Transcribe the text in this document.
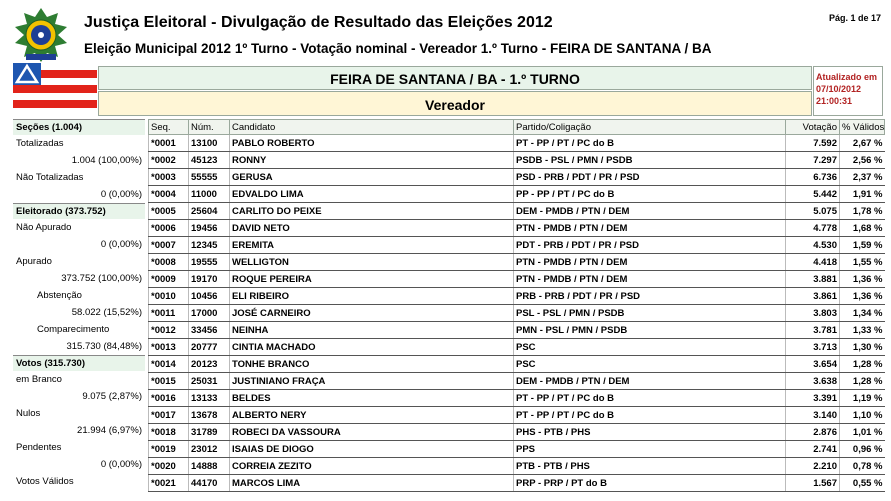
Justiça Eleitoral - Divulgação de Resultado das Eleições 2012
Eleição Municipal 2012 1º Turno - Votação nominal - Vereador 1.º Turno - FEIRA DE SANTANA / BA
Pág. 1 de 17
FEIRA DE SANTANA / BA - 1.º TURNO
Vereador
Atualizado em
07/10/2012
21:00:31
Seções (1.004)
Totalizadas
1.004 (100,00%)
Não Totalizadas
0 (0,00%)
Eleitorado (373.752)
Não Apurado
0 (0,00%)
Apurado
373.752 (100,00%)
Abstenção
58.022 (15,52%)
Comparecimento
315.730 (84,48%)
Votos (315.730)
em Branco
9.075 (2,87%)
Nulos
21.994 (6,97%)
Pendentes
0 (0,00%)
Votos Válidos
Seq.	Núm.	Candidato	Partido/Coligação	Votação	% Válidos
*0001	13100	PABLO ROBERTO	PT - PP / PT / PC do B	7.592	2,67 %
*0002	45123	RONNY	PSDB - PSL / PMN / PSDB	7.297	2,56 %
*0003	55555	GERUSA	PSD - PRB / PDT / PR / PSD	6.736	2,37 %
*0004	11000	EDVALDO LIMA	PP - PP / PT / PC do B	5.442	1,91 %
*0005	25604	CARLITO DO PEIXE	DEM - PMDB / PTN / DEM	5.075	1,78 %
*0006	19456	DAVID NETO	PTN - PMDB / PTN / DEM	4.778	1,68 %
*0007	12345	EREMITA	PDT - PRB / PDT / PR / PSD	4.530	1,59 %
*0008	19555	WELLIGTON	PTN - PMDB / PTN / DEM	4.418	1,55 %
*0009	19170	ROQUE PEREIRA	PTN - PMDB / PTN / DEM	3.881	1,36 %
*0010	10456	ELI RIBEIRO	PRB - PRB / PDT / PR / PSD	3.861	1,36 %
*0011	17000	JOSÉ CARNEIRO	PSL - PSL / PMN / PSDB	3.803	1,34 %
*0012	33456	NEINHA	PMN - PSL / PMN / PSDB	3.781	1,33 %
*0013	20777	CINTIA MACHADO	PSC	3.713	1,30 %
*0014	20123	TONHE BRANCO	PSC	3.654	1,28 %
*0015	25031	JUSTINIANO FRAÇA	DEM - PMDB / PTN / DEM	3.638	1,28 %
*0016	13133	BELDES	PT - PP / PT / PC do B	3.391	1,19 %
*0017	13678	ALBERTO NERY	PT - PP / PT / PC do B	3.140	1,10 %
*0018	31789	ROBECI DA VASSOURA	PHS - PTB / PHS	2.876	1,01 %
*0019	23012	ISAIAS DE DIOGO	PPS	2.741	0,96 %
*0020	14888	CORREIA ZEZITO	PTB - PTB / PHS	2.210	0,78 %
*0021	44170	MARCOS LIMA	PRP - PRP / PT do B	1.567	0,55 %
